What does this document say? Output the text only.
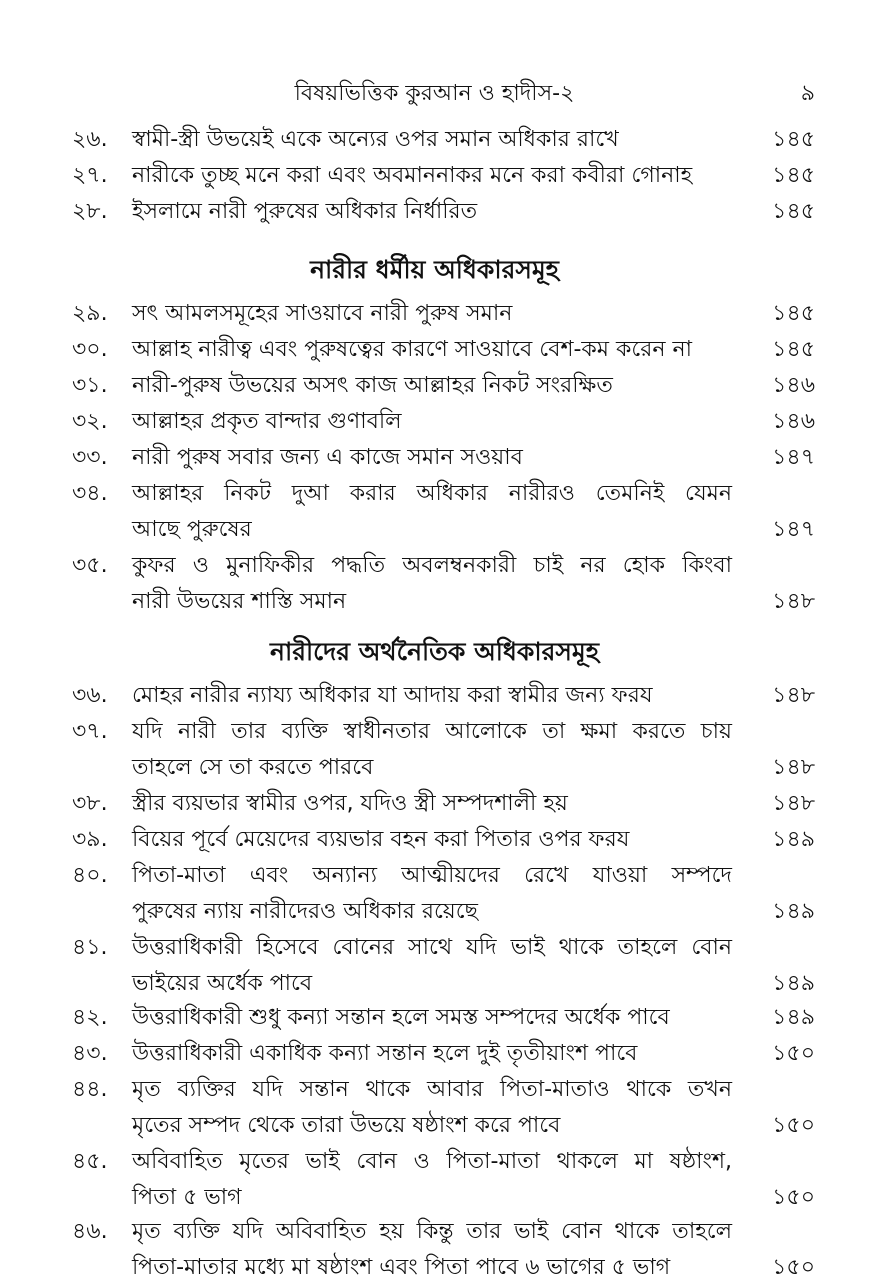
বিষয়ভিত্তিক কুরআন ও হাদীস-২	৯
২৬.	স্বামী-স্ত্রী উভয়েই একে অন্যের ওপর সমান অধিকার রাখে	১৪৫
২৭.	নারীকে তুচ্ছ মনে করা এবং অবমাননাকর মনে করা কবীরা গোনাহ	১৪৫
২৮.	ইসলামে নারী পুরুষের অধিকার নির্ধারিত	১৪৫
নারীর ধর্মীয় অধিকারসমূহ
২৯.	সৎ আমলসমূহের সাওয়াবে নারী পুরুষ সমান	১৪৫
৩০.	আল্লাহ নারীত্ব এবং পুরুষত্বের কারণে সাওয়াবে বেশ-কম করেন না	১৪৫
৩১.	নারী-পুরুষ উভয়ের অসৎ কাজ আল্লাহর নিকট সংরক্ষিত	১৪৬
৩২.	আল্লাহর প্রকৃত বান্দার গুণাবলি	১৪৬
৩৩.	নারী পুরুষ সবার জন্য এ কাজে সমান সওয়াব	১৪৭
৩৪.	আল্লাহর নিকট দুআ করার অধিকার নারীরও তেমনিই যেমন
আছে পুরুষের	১৪৭
৩৫.	কুফর ও মুনাফিকীর পদ্ধতি অবলম্বনকারী চাই নর হোক কিংবা
নারী উভয়ের শাস্তি সমান	১৪৮
নারীদের অর্থনৈতিক অধিকারসমূহ
৩৬.	মোহর নারীর ন্যায্য অধিকার যা আদায় করা স্বামীর জন্য ফরয	১৪৮
৩৭.	যদি নারী তার ব্যক্তি স্বাধীনতার আলোকে তা ক্ষমা করতে চায়
তাহলে সে তা করতে পারবে	১৪৮
৩৮.	স্ত্রীর ব্যয়ভার স্বামীর ওপর, যদিও স্ত্রী সম্পদশালী হয়	১৪৮
৩৯.	বিয়ের পূর্বে মেয়েদের ব্যয়ভার বহন করা পিতার ওপর ফরয	১৪৯
৪০.	পিতা-মাতা এবং অন্যান্য আত্মীয়দের রেখে যাওয়া সম্পদে
পুরুষের ন্যায় নারীদেরও অধিকার রয়েছে	১৪৯
৪১.	উত্তরাধিকারী হিসেবে বোনের সাথে যদি ভাই থাকে তাহলে বোন
ভাইয়ের অর্ধেক পাবে	১৪৯
৪২.	উত্তরাধিকারী শুধু কন্যা সন্তান হলে সমস্ত সম্পদের অর্ধেক পাবে	১৪৯
৪৩.	উত্তরাধিকারী একাধিক কন্যা সন্তান হলে দুই তৃতীয়াংশ পাবে	১৫০
৪৪.	মৃত ব্যক্তির যদি সন্তান থাকে আবার পিতা-মাতাও থাকে তখন
মৃতের সম্পদ থেকে তারা উভয়ে ষষ্ঠাংশ করে পাবে	১৫০
৪৫.	অবিবাহিত মৃতের ভাই বোন ও পিতা-মাতা থাকলে মা ষষ্ঠাংশ,
পিতা ৫ ভাগ	১৫০
৪৬.	মৃত ব্যক্তি যদি অবিবাহিত হয় কিন্তু তার ভাই বোন থাকে তাহলে
পিতা-মাতার মধ্যে মা ষষ্ঠাংশ এবং পিতা পাবে ৬ ভাগের ৫ ভাগ	১৫০
